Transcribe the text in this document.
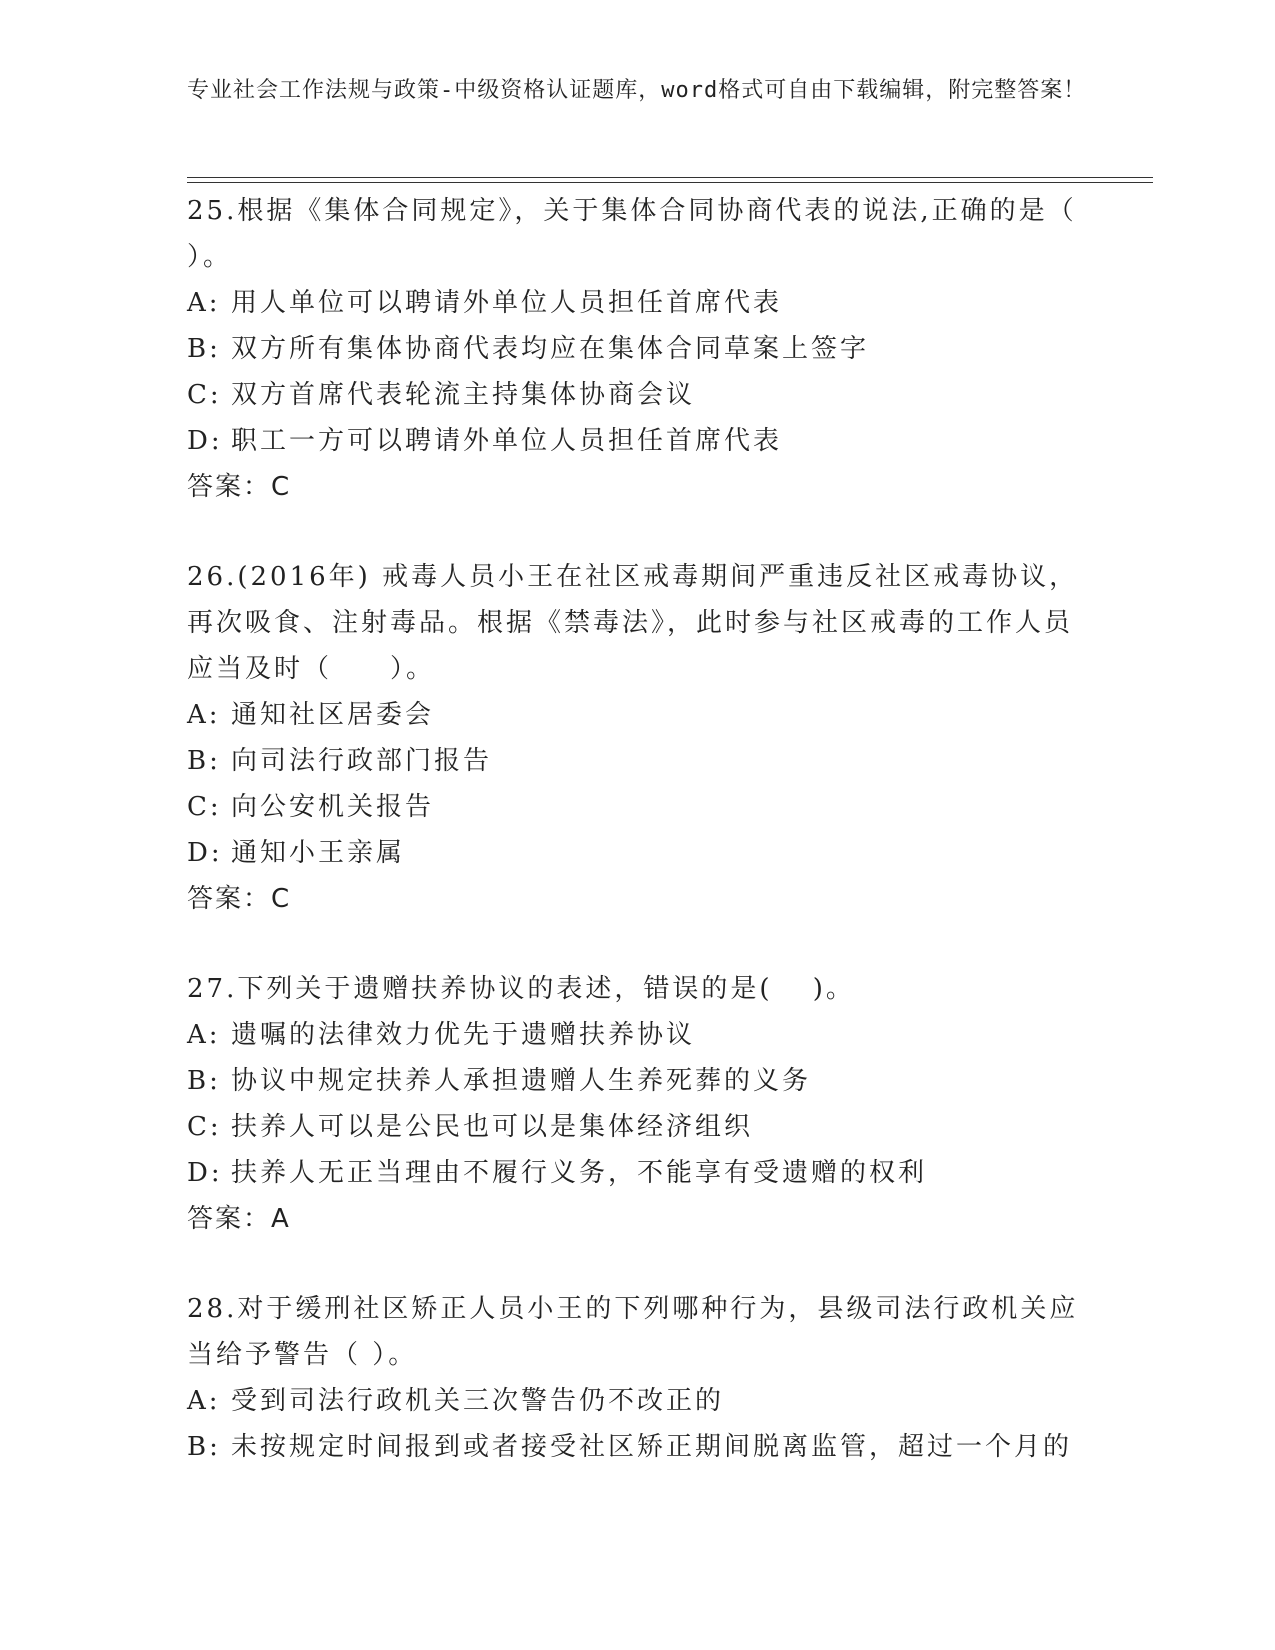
专业社会工作法规与政策-中级资格认证题库，word格式可自由下载编辑，附完整答案！
25.根据《集体合同规定》，关于集体合同协商代表的说法,正确的是（ ）。
A: 用人单位可以聘请外单位人员担任首席代表
B: 双方所有集体协商代表均应在集体合同草案上签字
C: 双方首席代表轮流主持集体协商会议
D: 职工一方可以聘请外单位人员担任首席代表
答案：C
26.(2016年) 戒毒人员小王在社区戒毒期间严重违反社区戒毒协议，再次吸食、注射毒品。根据《禁毒法》，此时参与社区戒毒的工作人员应当及时（　　）。
A: 通知社区居委会
B: 向司法行政部门报告
C: 向公安机关报告
D: 通知小王亲属
答案：C
27.下列关于遗赠扶养协议的表述，错误的是(　 )。
A: 遗嘱的法律效力优先于遗赠扶养协议
B: 协议中规定扶养人承担遗赠人生养死葬的义务
C: 扶养人可以是公民也可以是集体经济组织
D: 扶养人无正当理由不履行义务，不能享有受遗赠的权利
答案：A
28.对于缓刑社区矫正人员小王的下列哪种行为，县级司法行政机关应当给予警告（ ）。
A: 受到司法行政机关三次警告仍不改正的
B: 未按规定时间报到或者接受社区矫正期间脱离监管，超过一个月的
